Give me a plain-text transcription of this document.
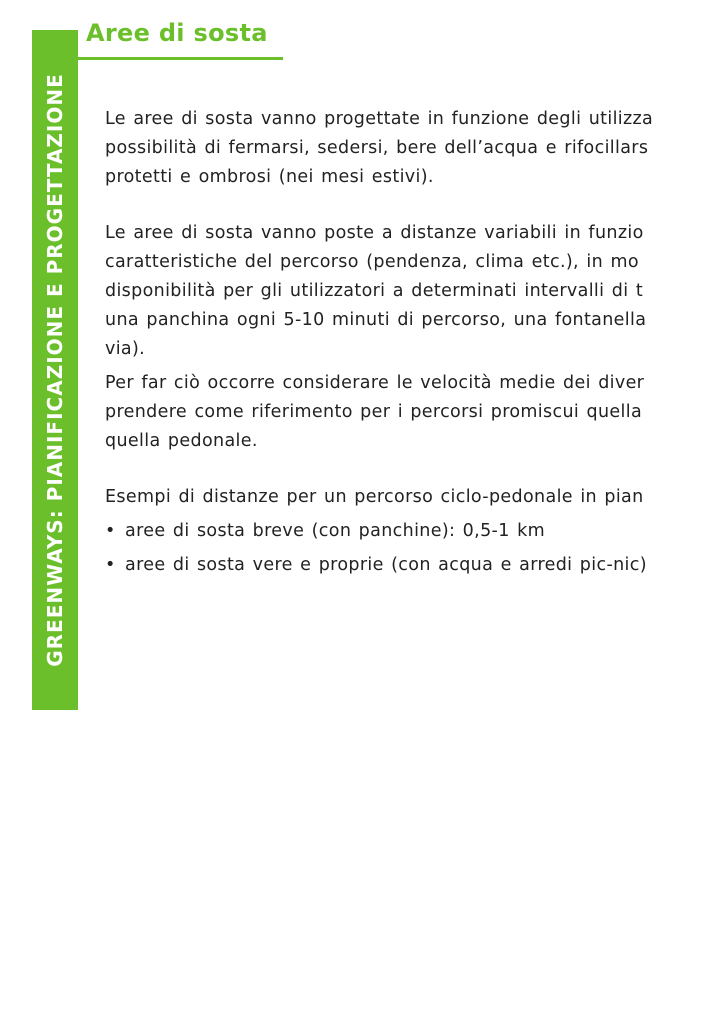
GREENWAYS: PIANIFICAZIONE E PROGETTAZIONE
Aree di sosta

Le aree di sosta vanno progettate in funzione degli utilizza
possibilità di fermarsi, sedersi, bere dell’acqua e rifocillars
protetti e ombrosi (nei mesi estivi).

Le aree di sosta vanno poste a distanze variabili in funzio
caratteristiche del percorso (pendenza, clima etc.), in mo
disponibilità per gli utilizzatori a determinati intervalli di t
una panchina ogni 5-10 minuti di percorso, una fontanella
via).

Per far ciò occorre considerare le velocità medie dei diver
prendere come riferimento per i percorsi promiscui quella
quella pedonale.

Esempi di distanze per un percorso ciclo-pedonale in pian

• aree di sosta breve (con panchine): 0,5-1 km
• aree di sosta vere e proprie (con acqua e arredi pic-nic)
